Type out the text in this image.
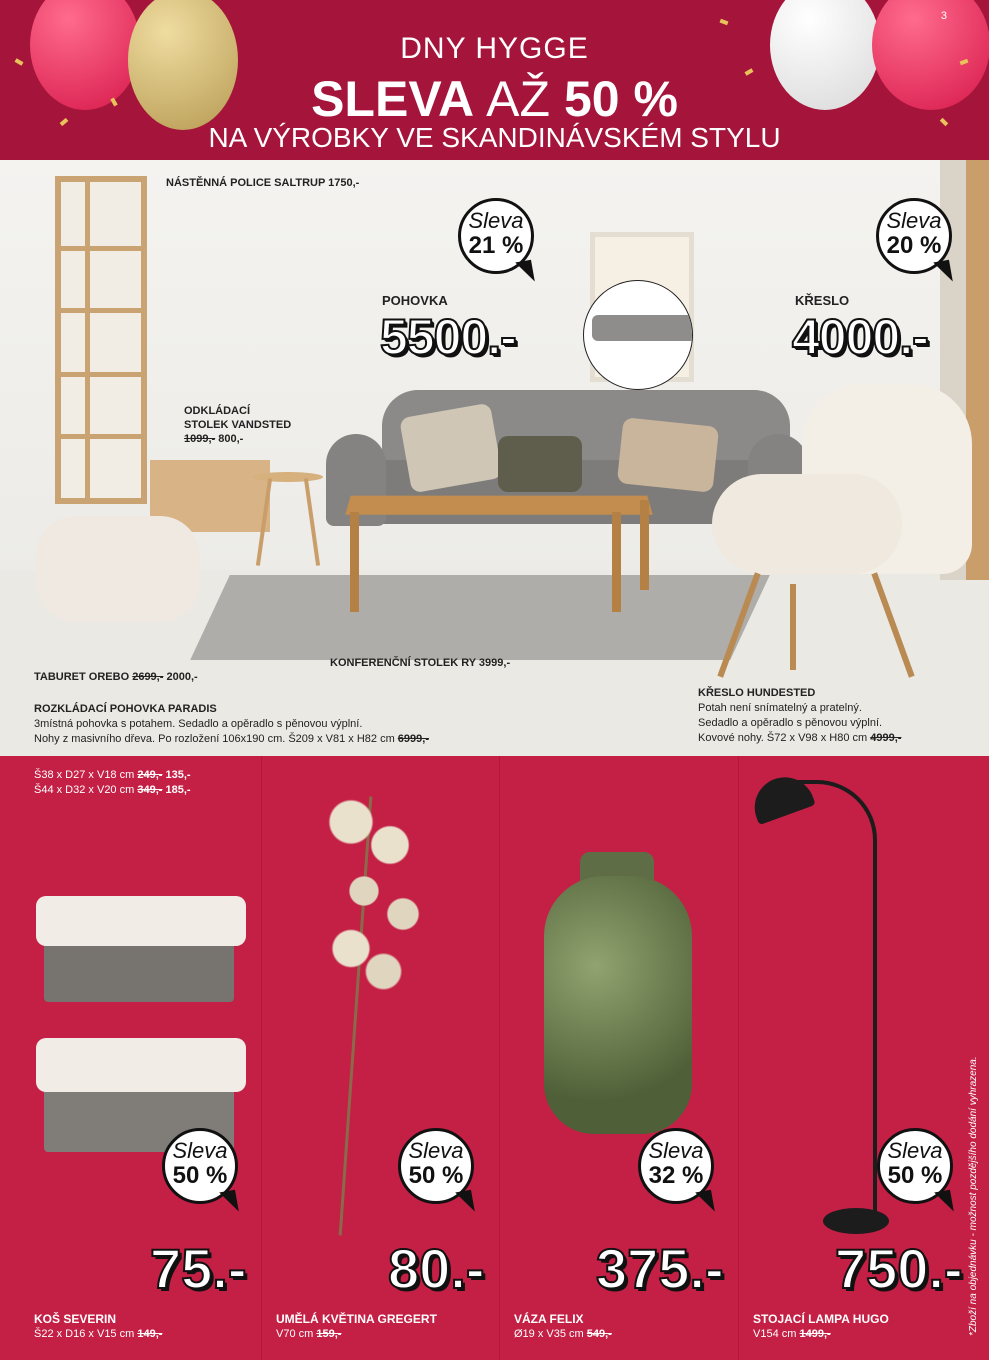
DNY HYGGE
SLEVA AŽ 50 %
NA VÝROBKY VE SKANDINÁVSKÉM STYLU
3
NÁSTĚNNÁ POLICE SALTRUP 1750,-
Sleva
21 %
POHOVKA
5500.-
Sleva
20 %
KŘESLO
4000.-
ODKLÁDACÍ
STOLEK VANDSTED
1099,- 800,-
KONFERENČNÍ STOLEK RY 3999,-
TABURET OREBO 2699,- 2000,-
ROZKLÁDACÍ POHOVKA PARADIS
3místná pohovka s potahem. Sedadlo a opěradlo s pěnovou výplní.
Nohy z masivního dřeva. Po rozložení 106x190 cm. Š209 x V81 x H82 cm 6999,-
KŘESLO HUNDESTED
Potah není snímatelný a pratelný.
Sedadlo a opěradlo s pěnovou výplní.
Kovové nohy. Š72 x V98 x H80 cm 4999,-
Š38 x D27 x V18 cm 249,- 135,-
Š44 x D32 x V20 cm 349,- 185,-
Sleva
50 %
75.-
KOŠ SEVERIN
Š22 x D16 x V15 cm 149,-
Sleva
50 %
80.-
UMĚLÁ KVĚTINA GREGERT
V70 cm 159,-
Sleva
32 %
375.-
VÁZA FELIX
Ø19 x V35 cm 549,-
Sleva
50 %
750.-
STOJACÍ LAMPA HUGO
V154 cm 1499,-	*Zboží na objednávku - možnost pozdějšího dodání vyhrazena.
